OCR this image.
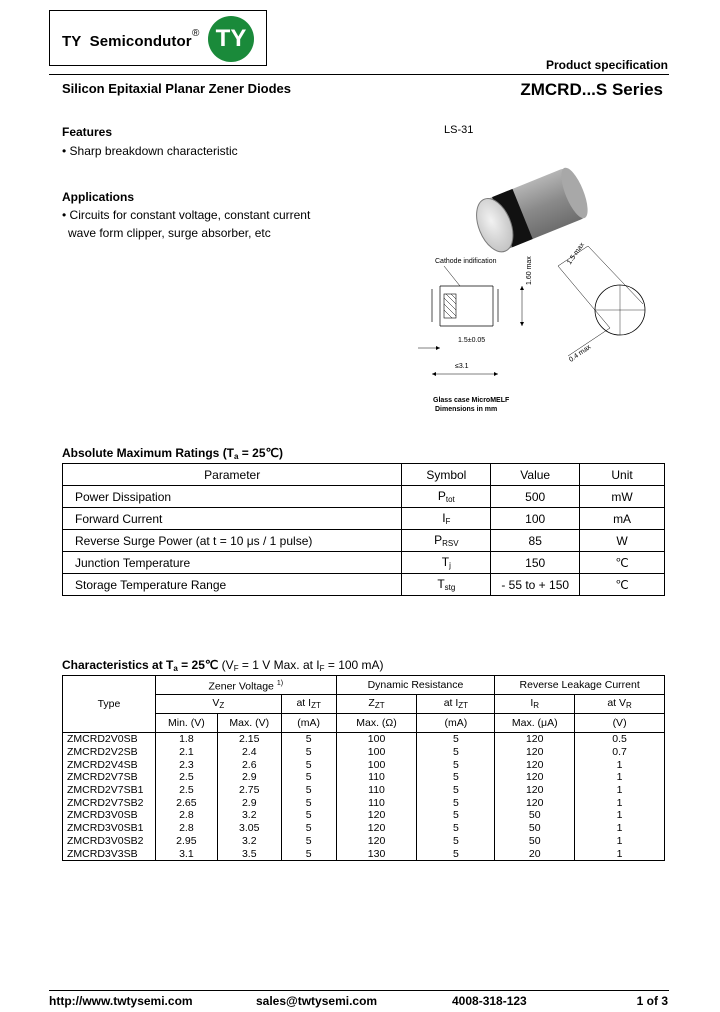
TY  Semicondutor ® TY
Product specification
Silicon Epitaxial Planar Zener Diodes	ZMCRD...S Series
Features
• Sharp breakdown characteristic
Applications
• Circuits for constant voltage, constant current
wave form clipper, surge absorber, etc
LS-31
Cathode indification
1.5±0.05
≤3.1
1.60 max
1.5 max
0.4 max
Glass case MicroMELF
Dimensions in mm
Absolute Maximum Ratings ($T_a$ = 25℃)
Parameter	Symbol	Value	Unit
Power Dissipation	$P_{tot}$	500	mW
Forward Current	$I_F$	100	mA
Reverse Surge Power (at t = 10 μs / 1 pulse)	$P_{RSV}$	85	W
Junction Temperature	$T_j$	150	℃
Storage Temperature Range	$T_{stg}$	- 55 to + 150	℃
Characteristics at $T_a$ = 25℃ ($V_F = 1$ V Max. at $I_F = 100$ mA)
Type	Zener Voltage $^{1)}$			Dynamic Resistance		Reverse Leakage Current	
	$V_Z$		at $I_{ZT}$	$Z_{ZT}$	at $I_{ZT}$	$I_R$	at $V_R$
	Min. (V)	Max. (V)	(mA)	Max. (Ω)	(mA)	Max. (μA)	(V)
ZMCRD2V0SB	1.8	2.15	5	100	5	120	0.5
ZMCRD2V2SB	2.1	2.4	5	100	5	120	0.7
ZMCRD2V4SB	2.3	2.6	5	100	5	120	1
ZMCRD2V7SB	2.5	2.9	5	110	5	120	1
ZMCRD2V7SB1	2.5	2.75	5	110	5	120	1
ZMCRD2V7SB2	2.65	2.9	5	110	5	120	1
ZMCRD3V0SB	2.8	3.2	5	120	5	50	1
ZMCRD3V0SB1	2.8	3.05	5	120	5	50	1
ZMCRD3V0SB2	2.95	3.2	5	120	5	50	1
ZMCRD3V3SB	3.1	3.5	5	130	5	20	1
http://www.twtysemi.com	sales@twtysemi.com	4008-318-123	1 of 3
